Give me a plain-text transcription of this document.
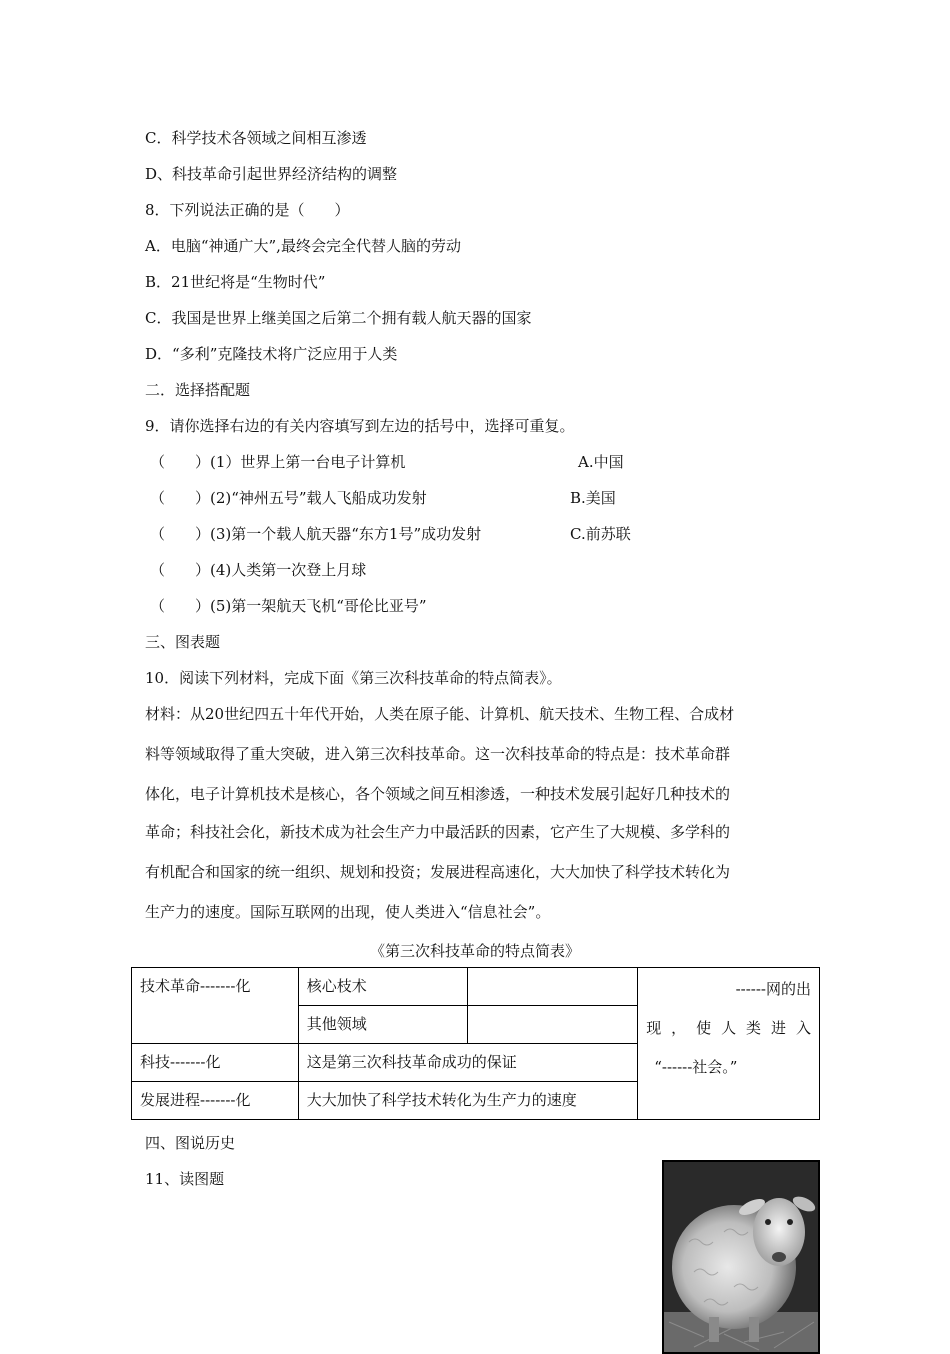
C．科学技术各领域之间相互渗透
D、科技革命引起世界经济结构的调整
8．下列说法正确的是（　　）
A．电脑“神通广大”,最终会完全代替人脑的劳动
B．21世纪将是“生物时代”
C．我国是世界上继美国之后第二个拥有载人航天器的国家
D．“多利”克隆技术将广泛应用于人类
二．选择搭配题
9．请你选择右边的有关内容填写到左边的括号中，选择可重复。
（　　）(1）世界上第一台电子计算机	A.中国
（　　）(2)“神州五号”载人飞船成功发射	B.美国
（　　）(3)第一个载人航天器“东方1号”成功发射	C.前苏联
（　　）(4)人类第一次登上月球
（　　）(5)第一架航天飞机“哥伦比亚号”
三、图表题
10．阅读下列材料，完成下面《第三次科技革命的特点简表》。
材料：从20世纪四五十年代开始，人类在原子能、计算机、航天技术、生物工程、合成材
料等领域取得了重大突破，进入第三次科技革命。这一次科技革命的特点是：技术革命群
体化，电子计算机技术是核心，各个领域之间互相渗透，一种技术发展引起好几种技术的
革命；科技社会化，新技术成为社会生产力中最活跃的因素，它产生了大规模、多学科的
有机配合和国家的统一组织、规划和投资；发展进程高速化，大大加快了科学技术转化为
生产力的速度。国际互联网的出现，使人类进入“信息社会”。
《第三次科技革命的特点简表》
技术革命-------化	核心枝术		------网的出
现，使人类进入
“------社会。”

	其他领域		
科技-------化	这是第三次科技革命成功的保证		
发展进程-------化	大大加快了科学技术转化为生产力的速度		
四、图说历史
11、读图题
